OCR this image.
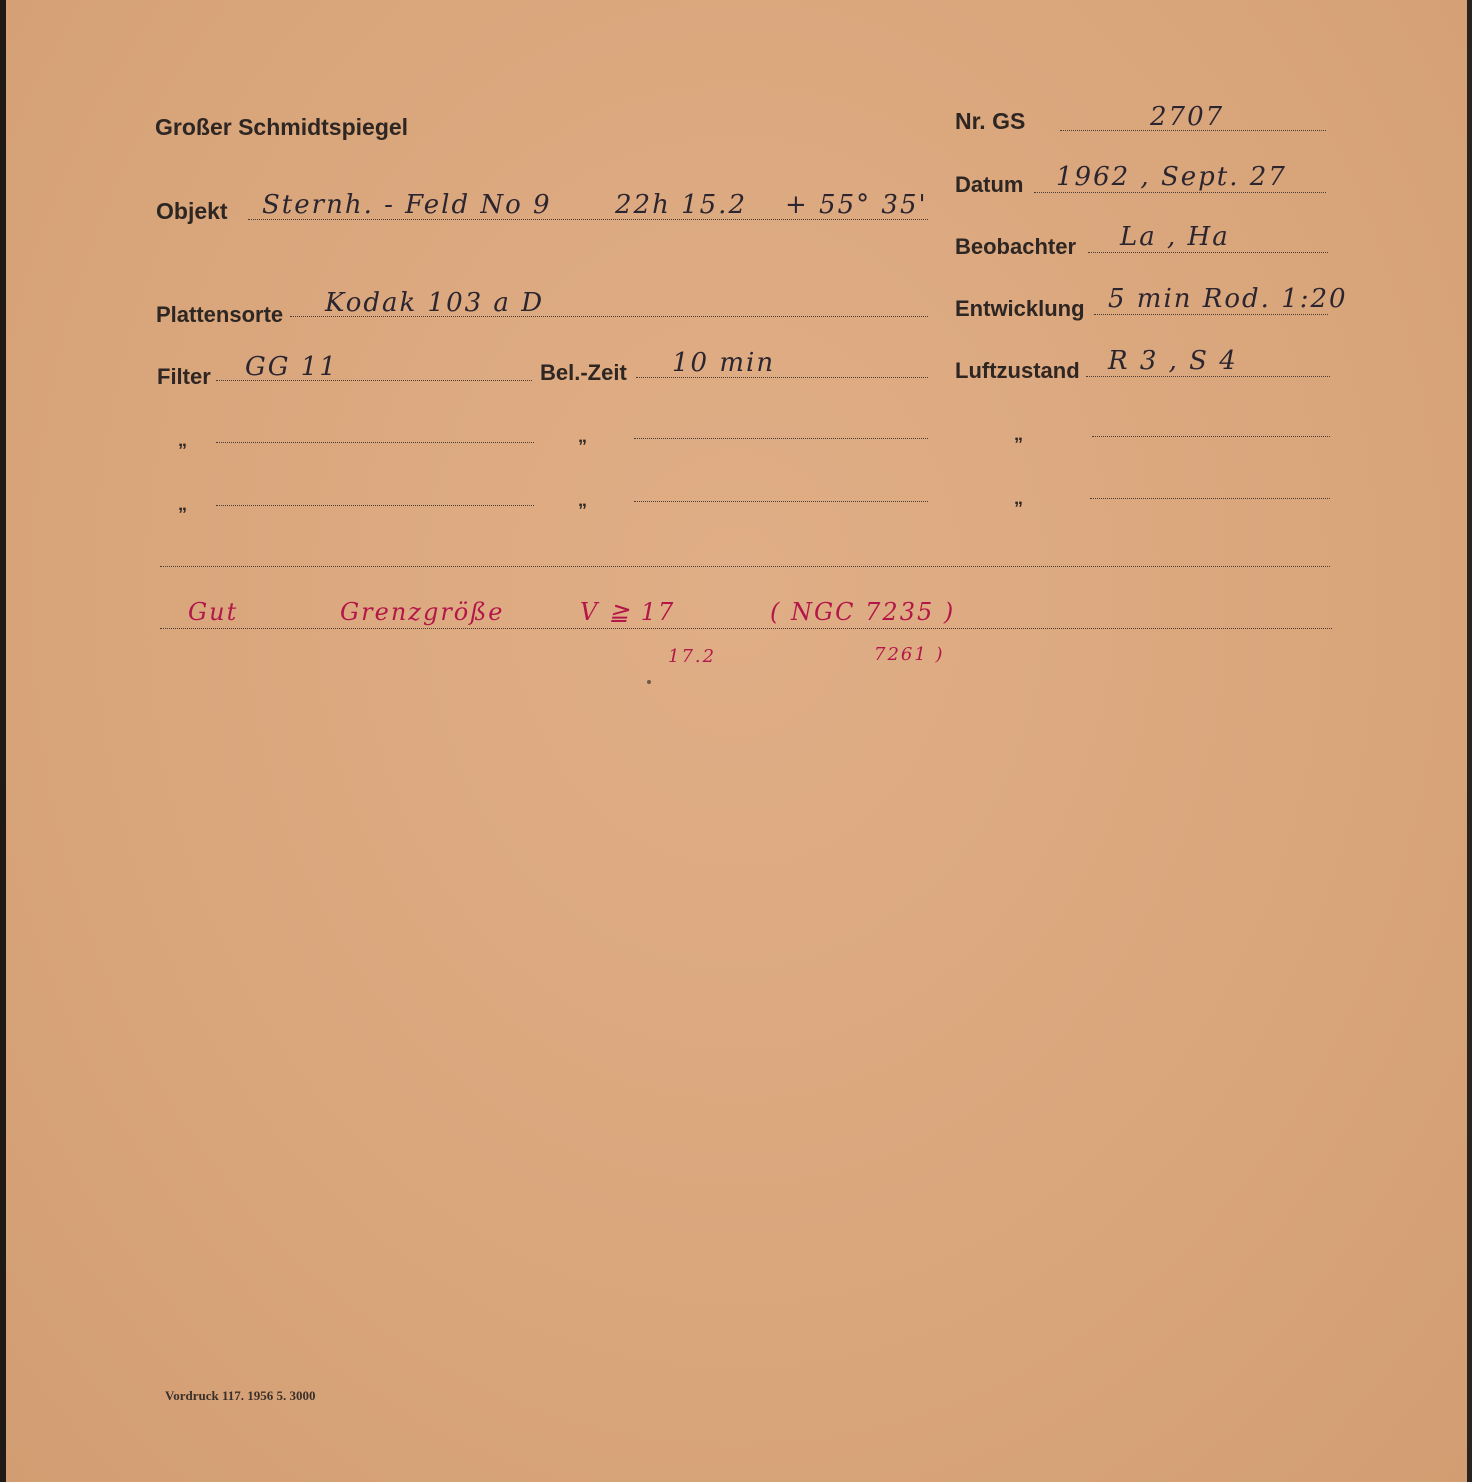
Großer Schmidtspiegel	Nr. GS	2707
Objekt Sternh. - Feld No 9 22h 15.2 + 55° 35'
Datum 1962 , Sept. 27
Beobachter La , Ha
Plattensorte Kodak 103 a D	Entwicklung 5 min Rod. 1:20
Filter GG 11	Bel.-Zeit 10 min	Luftzustand R 3 , S 4
„	„	„
„	„	„
Gut	Grenzgröße	V ≧ 17	( NGC 7235 )
17.2	7261 )
Vordruck 117. 1956 5. 3000
